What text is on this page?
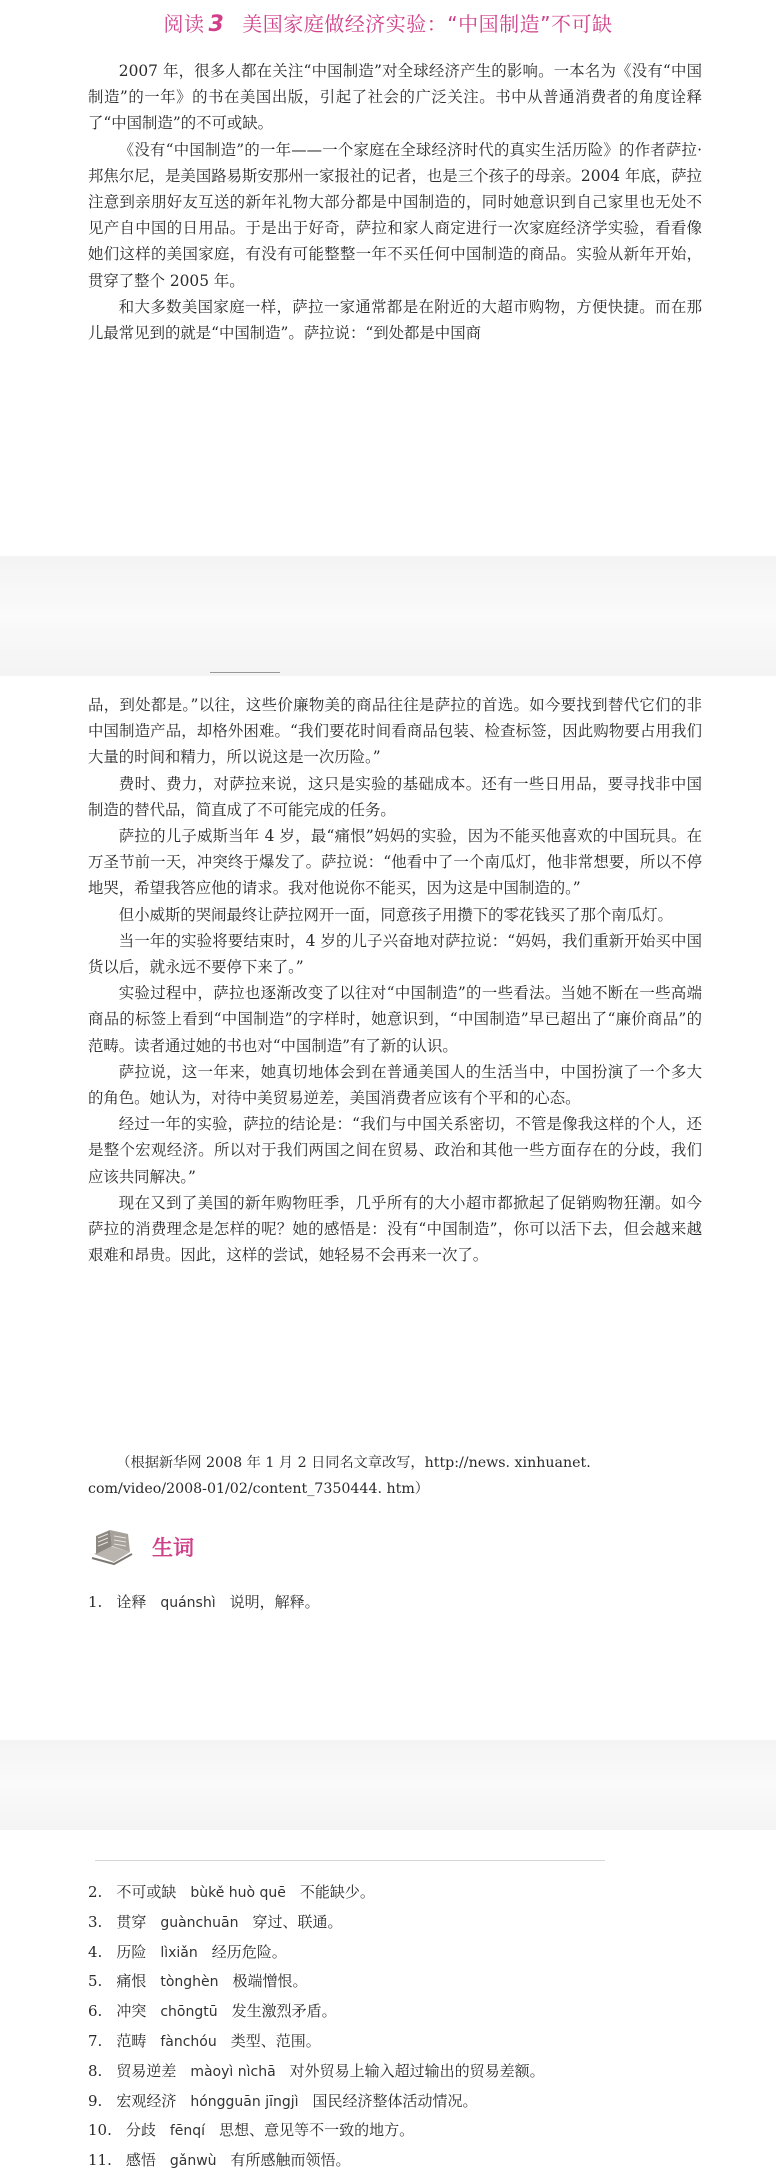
阅读 3 美国家庭做经济实验：“中国制造”不可缺

2007 年，很多人都在关注“中国制造”对全球经济产生的影响。一本名为《没有“中国制造”的一年》的书在美国出版，引起了社会的广泛关注。书中从普通消费者的角度诠释了“中国制造”的不可或缺。

《没有“中国制造”的一年——一个家庭在全球经济时代的真实生活历险》的作者萨拉·邦焦尔尼，是美国路易斯安那州一家报社的记者，也是三个孩子的母亲。2004 年底，萨拉注意到亲朋好友互送的新年礼物大部分都是中国制造的，同时她意识到自己家里也无处不见产自中国的日用品。于是出于好奇，萨拉和家人商定进行一次家庭经济学实验，看看像她们这样的美国家庭，有没有可能整整一年不买任何中国制造的商品。实验从新年开始，贯穿了整个 2005 年。

和大多数美国家庭一样，萨拉一家通常都是在附近的大超市购物，方便快捷。而在那儿最常见到的就是“中国制造”。萨拉说：“到处都是中国商

品，到处都是。”以往，这些价廉物美的商品往往是萨拉的首选。如今要找到替代它们的非中国制造产品，却格外困难。“我们要花时间看商品包装、检查标签，因此购物要占用我们大量的时间和精力，所以说这是一次历险。”

费时、费力，对萨拉来说，这只是实验的基础成本。还有一些日用品，要寻找非中国制造的替代品，简直成了不可能完成的任务。

萨拉的儿子威斯当年 4 岁，最“痛恨”妈妈的实验，因为不能买他喜欢的中国玩具。在万圣节前一天，冲突终于爆发了。萨拉说：“他看中了一个南瓜灯，他非常想要，所以不停地哭，希望我答应他的请求。我对他说你不能买，因为这是中国制造的。”

但小威斯的哭闹最终让萨拉网开一面，同意孩子用攒下的零花钱买了那个南瓜灯。

当一年的实验将要结束时，4 岁的儿子兴奋地对萨拉说：“妈妈，我们重新开始买中国货以后，就永远不要停下来了。”

实验过程中，萨拉也逐渐改变了以往对“中国制造”的一些看法。当她不断在一些高端商品的标签上看到“中国制造”的字样时，她意识到，“中国制造”早已超出了“廉价商品”的范畴。读者通过她的书也对“中国制造”有了新的认识。

萨拉说，这一年来，她真切地体会到在普通美国人的生活当中，中国扮演了一个多大的角色。她认为，对待中美贸易逆差，美国消费者应该有个平和的心态。

经过一年的实验，萨拉的结论是：“我们与中国关系密切，不管是像我这样的个人，还是整个宏观经济。所以对于我们两国之间在贸易、政治和其他一些方面存在的分歧，我们应该共同解决。”

现在又到了美国的新年购物旺季，几乎所有的大小超市都掀起了促销购物狂潮。如今萨拉的消费理念是怎样的呢？她的感悟是：没有“中国制造”，你可以活下去，但会越来越艰难和昂贵。因此，这样的尝试，她轻易不会再来一次了。

（根据新华网 2008 年 1 月 2 日同名文章改写，http://news. xinhuanet. com/video/2008-01/02/content_7350444. htm）

生词
1. 诠释 quánshì 说明，解释。
2. 不可或缺 bùkě huò quē 不能缺少。
3. 贯穿 guànchuān 穿过、联通。
4. 历险 lìxiǎn 经历危险。
5. 痛恨 tònghèn 极端憎恨。
6. 冲突 chōngtū 发生激烈矛盾。
7. 范畴 fànchóu 类型、范围。
8. 贸易逆差 màoyì nìchā 对外贸易上输入超过输出的贸易差额。
9. 宏观经济 hóngguān jīngjì 国民经济整体活动情况。
10. 分歧 fēnqí 思想、意见等不一致的地方。
11. 感悟 gǎnwù 有所感触而领悟。
